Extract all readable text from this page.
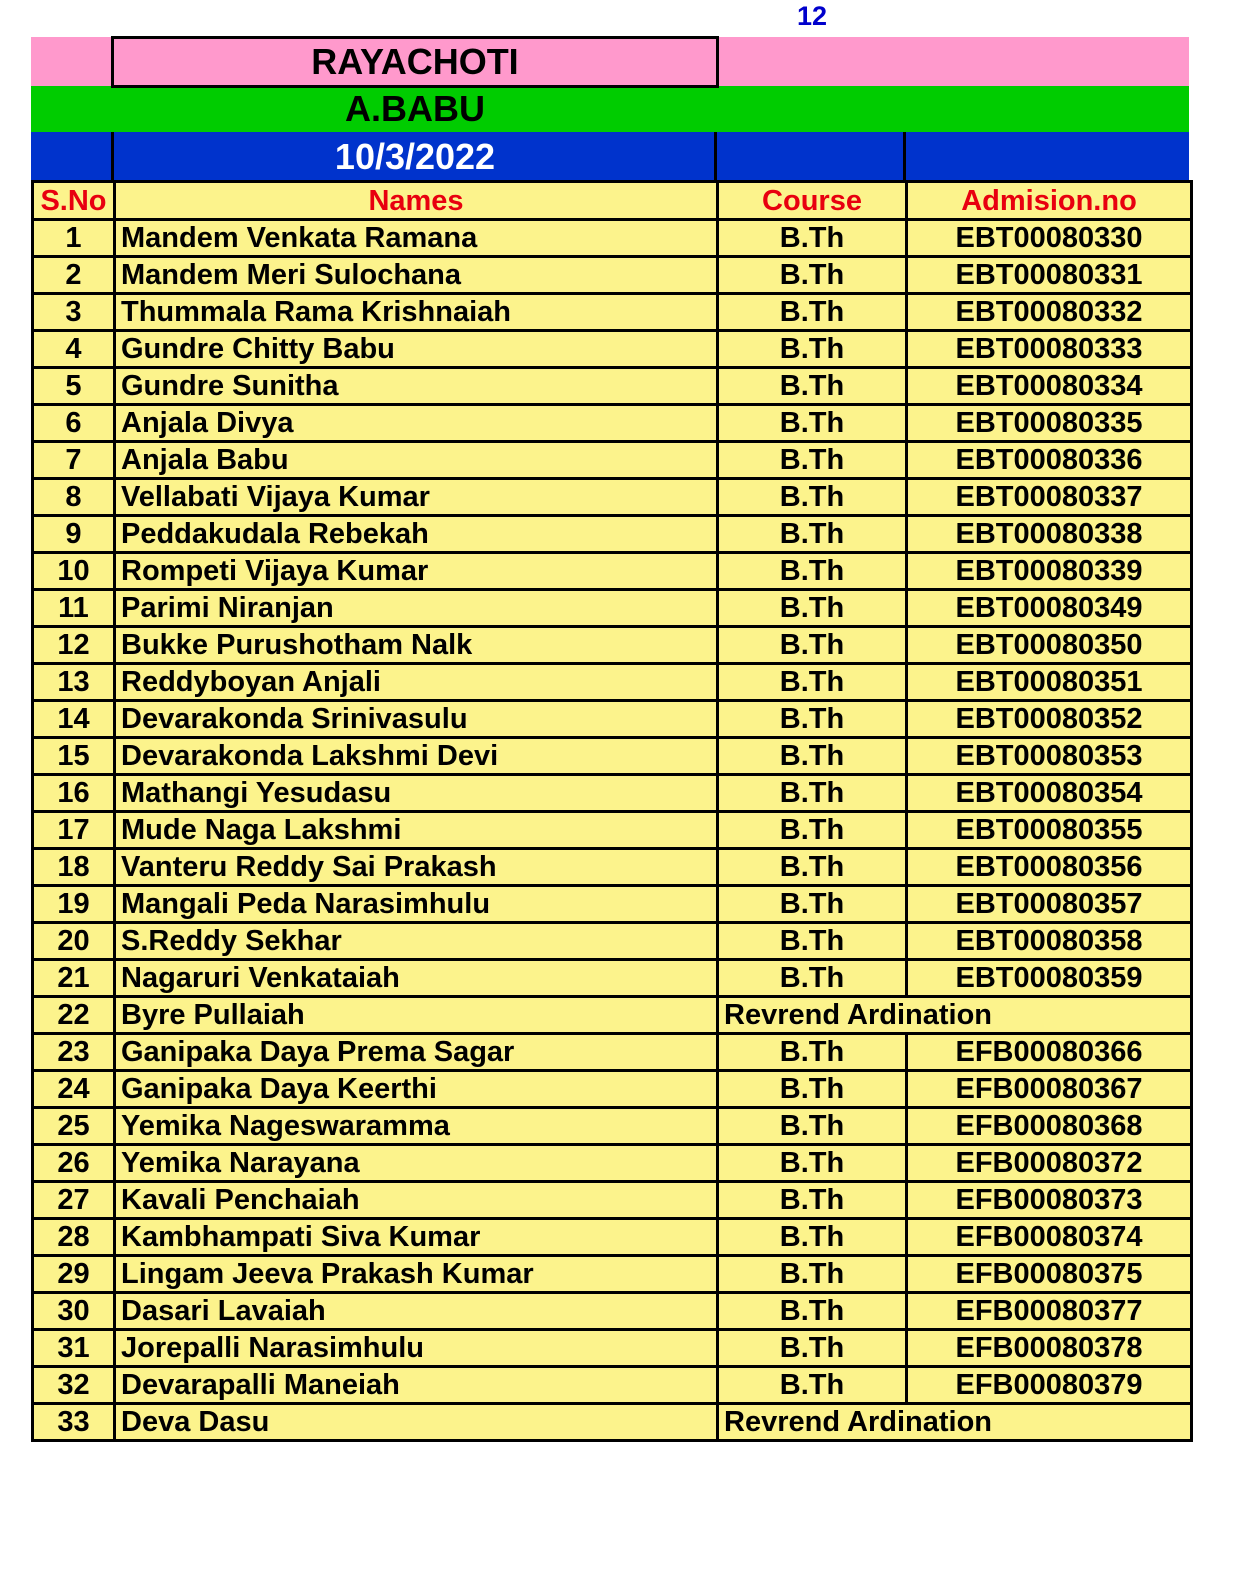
12
RAYACHOTI
A.BABU
10/3/2022
S.No	Names	Course	Admision.no
1	Mandem Venkata Ramana	B.Th	EBT00080330
2	Mandem Meri Sulochana	B.Th	EBT00080331
3	Thummala Rama Krishnaiah	B.Th	EBT00080332
4	Gundre Chitty Babu	B.Th	EBT00080333
5	Gundre Sunitha	B.Th	EBT00080334
6	Anjala Divya	B.Th	EBT00080335
7	Anjala Babu	B.Th	EBT00080336
8	Vellabati Vijaya Kumar	B.Th	EBT00080337
9	Peddakudala Rebekah	B.Th	EBT00080338
10	Rompeti Vijaya Kumar	B.Th	EBT00080339
11	Parimi Niranjan	B.Th	EBT00080349
12	Bukke Purushotham Nalk	B.Th	EBT00080350
13	Reddyboyan Anjali	B.Th	EBT00080351
14	Devarakonda Srinivasulu	B.Th	EBT00080352
15	Devarakonda Lakshmi Devi	B.Th	EBT00080353
16	Mathangi Yesudasu	B.Th	EBT00080354
17	Mude Naga Lakshmi	B.Th	EBT00080355
18	Vanteru Reddy Sai Prakash	B.Th	EBT00080356
19	Mangali Peda Narasimhulu	B.Th	EBT00080357
20	S.Reddy Sekhar	B.Th	EBT00080358
21	Nagaruri Venkataiah	B.Th	EBT00080359
22	Byre Pullaiah	Revrend Ardination	
23	Ganipaka Daya Prema Sagar	B.Th	EFB00080366
24	Ganipaka Daya Keerthi	B.Th	EFB00080367
25	Yemika Nageswaramma	B.Th	EFB00080368
26	Yemika Narayana	B.Th	EFB00080372
27	Kavali Penchaiah	B.Th	EFB00080373
28	Kambhampati Siva Kumar	B.Th	EFB00080374
29	Lingam Jeeva Prakash Kumar	B.Th	EFB00080375
30	Dasari Lavaiah	B.Th	EFB00080377
31	Jorepalli Narasimhulu	B.Th	EFB00080378
32	Devarapalli Maneiah	B.Th	EFB00080379
33	Deva Dasu	Revrend Ardination	
